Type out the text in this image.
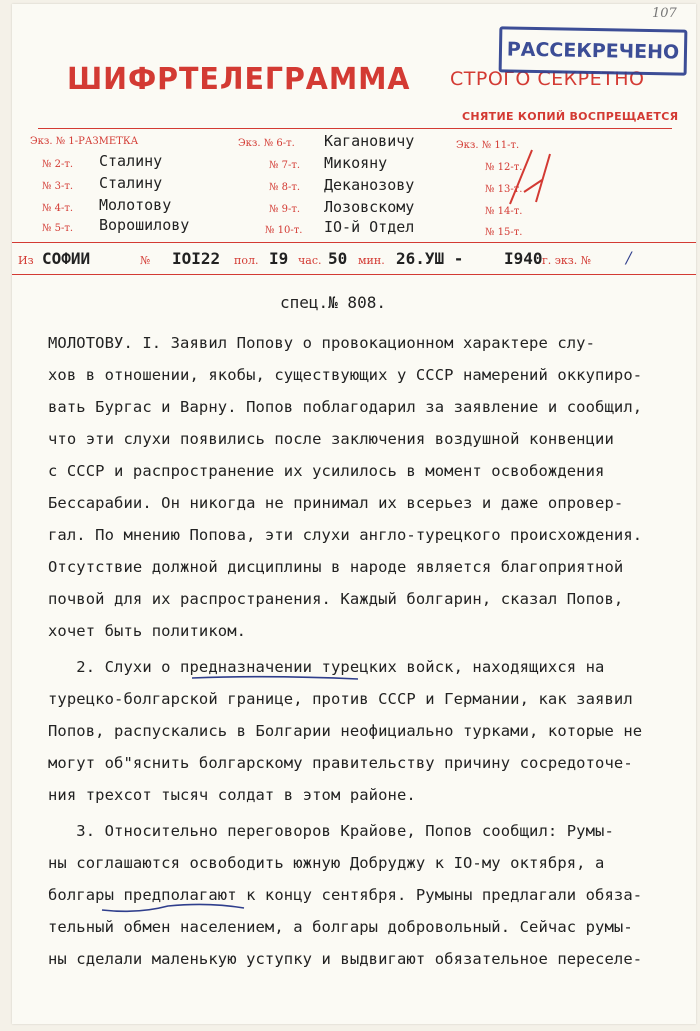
ШИФРТЕЛЕГРАММА СТРОГО СЕКРЕТНО
СНЯТИЕ КОПИЙ ВОСПРЕЩАЕТСЯ
РАССЕКРЕЧЕНО
107
Экз. № 1-РАЗМЕТКА
№ 2-т. Сталину
№ 3-т. Сталину
№ 4-т. Молотову
№ 5-т. Ворошилову
Экз. № 6-т. Кагановичу
№ 7-т. Микояну
№ 8-т. Деканозову
№ 9-т. Лозовскому
№ 10-т. IO-й Отдел
Экз. № 11-т.
№ 12-т.
№ 13-т.
№ 14-т.
№ 15-т.
Из СОФИИ	№ IOI22 пол. I9 час. 50 мин. 26.УШ -	I940 г. экз. № /
спец.№ 808.
МОЛОТОВУ. I. Заявил Попову о провокационном характере слу-
хов в отношении, якобы, существующих у СССР намерений оккупиро-
вать Бургас и Варну. Попов поблагодарил за заявление и сообщил,
что эти слухи появились после заключения воздушной конвенции
с СССР и распространение их усилилось в момент освобождения
Бессарабии. Он никогда не принимал их всерьез и даже опровер-
гал. По мнению Попова, эти слухи англо-турецкого происхождения.
Отсутствие должной дисциплины в народе является благоприятной
почвой для их распространения. Каждый болгарин, сказал Попов,
хочет быть политиком.
2. Слухи о предназначении турецких войск, находящихся на
турецко-болгарской границе, против СССР и Германии, как заявил
Попов, распускались в Болгарии неофициально турками, которые не
могут об"яснить болгарскому правительству причину сосредоточе-
ния трехсот тысяч солдат в этом районе.
3. Относительно переговоров Крайове, Попов сообщил: Румы-
ны соглашаются освободить южную Добруджу к IO-му октября, а
болгары предполагают к концу сентября. Румыны предлагали обяза-
тельный обмен населением, а болгары добровольный. Сейчас румы-
ны сделали маленькую уступку и выдвигают обязательное переселе-
